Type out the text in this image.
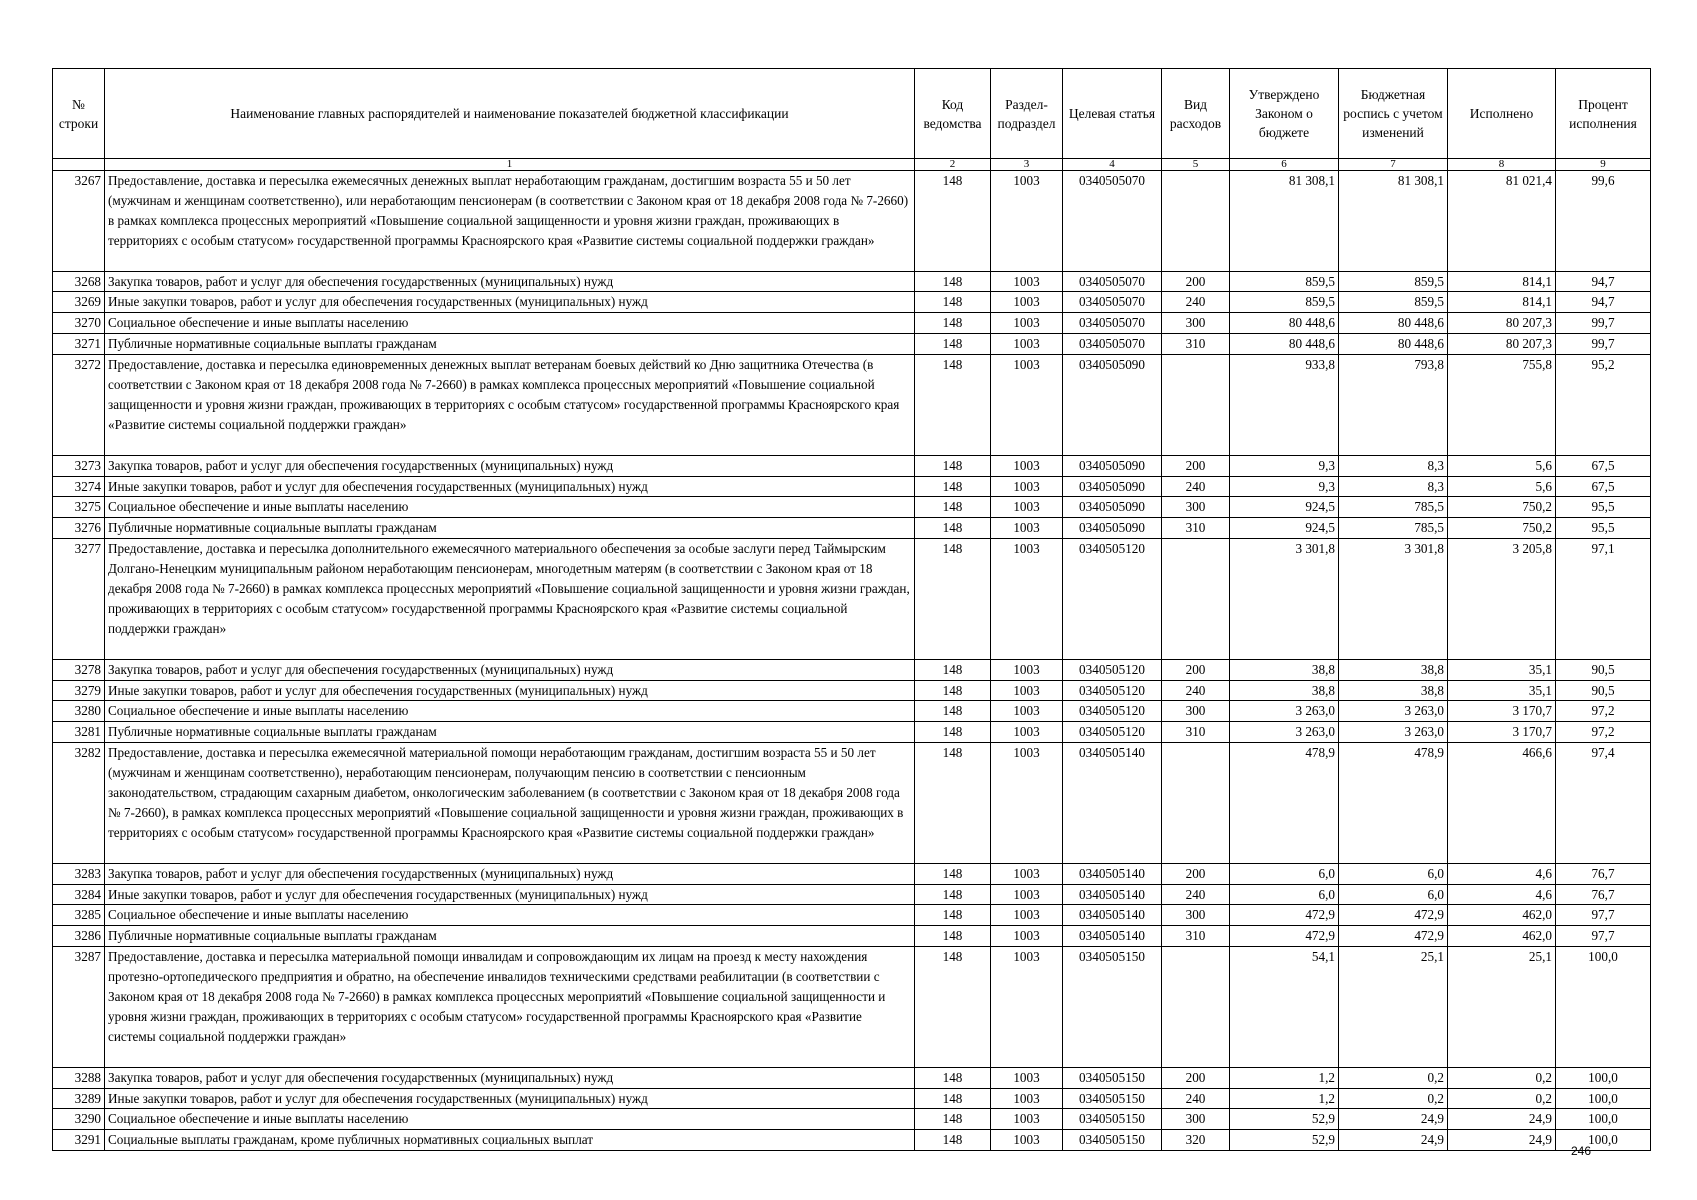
№ строки	Наименование главных распорядителей и наименование показателей бюджетной классификации	Код ведомства	Раздел-подраздел	Целевая статья	Вид расходов	Утверждено Законом о бюджете	Бюджетная роспись с учетом изменений	Исполнено	Процент исполнения
	1	2	3	4	5	6	7	8	9
3267	Предоставление, доставка и пересылка ежемесячных денежных выплат неработающим гражданам, достигшим возраста 55 и 50 лет (мужчинам и женщинам соответственно), или неработающим пенсионерам (в соответствии с Законом края от 18 декабря 2008 года № 7-2660) в рамках комплекса процессных мероприятий «Повышение социальной защищенности и уровня жизни граждан, проживающих в территориях с особым статусом» государственной программы Красноярского края «Развитие системы социальной поддержки граждан»	148	1003	0340505070		81 308,1	81 308,1	81 021,4	99,6
3268	Закупка товаров, работ и услуг для обеспечения государственных (муниципальных) нужд	148	1003	0340505070	200	859,5	859,5	814,1	94,7
3269	Иные закупки товаров, работ и услуг для обеспечения государственных (муниципальных) нужд	148	1003	0340505070	240	859,5	859,5	814,1	94,7
3270	Социальное обеспечение и иные выплаты населению	148	1003	0340505070	300	80 448,6	80 448,6	80 207,3	99,7
3271	Публичные нормативные социальные выплаты гражданам	148	1003	0340505070	310	80 448,6	80 448,6	80 207,3	99,7
3272	Предоставление, доставка и пересылка единовременных денежных выплат ветеранам боевых действий ко Дню защитника Отечества (в соответствии с Законом края от 18 декабря 2008 года № 7-2660) в рамках комплекса процессных мероприятий «Повышение социальной защищенности и уровня жизни граждан, проживающих в территориях с особым статусом» государственной программы Красноярского края «Развитие системы социальной поддержки граждан»	148	1003	0340505090		933,8	793,8	755,8	95,2
3273	Закупка товаров, работ и услуг для обеспечения государственных (муниципальных) нужд	148	1003	0340505090	200	9,3	8,3	5,6	67,5
3274	Иные закупки товаров, работ и услуг для обеспечения государственных (муниципальных) нужд	148	1003	0340505090	240	9,3	8,3	5,6	67,5
3275	Социальное обеспечение и иные выплаты населению	148	1003	0340505090	300	924,5	785,5	750,2	95,5
3276	Публичные нормативные социальные выплаты гражданам	148	1003	0340505090	310	924,5	785,5	750,2	95,5
3277	Предоставление, доставка и пересылка дополнительного ежемесячного материального обеспечения за особые заслуги перед Таймырским Долгано-Ненецким муниципальным районом неработающим пенсионерам, многодетным матерям (в соответствии с Законом края от 18 декабря 2008 года № 7-2660) в рамках комплекса процессных мероприятий «Повышение социальной защищенности и уровня жизни граждан, проживающих в территориях с особым статусом» государственной программы Красноярского края «Развитие системы социальной поддержки граждан»	148	1003	0340505120		3 301,8	3 301,8	3 205,8	97,1
3278	Закупка товаров, работ и услуг для обеспечения государственных (муниципальных) нужд	148	1003	0340505120	200	38,8	38,8	35,1	90,5
3279	Иные закупки товаров, работ и услуг для обеспечения государственных (муниципальных) нужд	148	1003	0340505120	240	38,8	38,8	35,1	90,5
3280	Социальное обеспечение и иные выплаты населению	148	1003	0340505120	300	3 263,0	3 263,0	3 170,7	97,2
3281	Публичные нормативные социальные выплаты гражданам	148	1003	0340505120	310	3 263,0	3 263,0	3 170,7	97,2
3282	Предоставление, доставка и пересылка ежемесячной материальной помощи неработающим гражданам, достигшим возраста 55 и 50 лет (мужчинам и женщинам соответственно), неработающим пенсионерам, получающим пенсию в соответствии с пенсионным законодательством, страдающим сахарным диабетом, онкологическим заболеванием (в соответствии с Законом края от 18 декабря 2008 года № 7-2660), в рамках комплекса процессных мероприятий «Повышение социальной защищенности и уровня жизни граждан, проживающих в территориях с особым статусом» государственной программы Красноярского края «Развитие системы социальной поддержки граждан»	148	1003	0340505140		478,9	478,9	466,6	97,4
3283	Закупка товаров, работ и услуг для обеспечения государственных (муниципальных) нужд	148	1003	0340505140	200	6,0	6,0	4,6	76,7
3284	Иные закупки товаров, работ и услуг для обеспечения государственных (муниципальных) нужд	148	1003	0340505140	240	6,0	6,0	4,6	76,7
3285	Социальное обеспечение и иные выплаты населению	148	1003	0340505140	300	472,9	472,9	462,0	97,7
3286	Публичные нормативные социальные выплаты гражданам	148	1003	0340505140	310	472,9	472,9	462,0	97,7
3287	Предоставление, доставка и пересылка материальной помощи инвалидам и сопровождающим их лицам на проезд к месту нахождения протезно-ортопедического предприятия и обратно, на обеспечение инвалидов техническими средствами реабилитации (в соответствии с Законом края от 18 декабря 2008 года № 7-2660) в рамках комплекса процессных мероприятий «Повышение социальной защищенности и уровня жизни граждан, проживающих в территориях с особым статусом» государственной программы Красноярского края «Развитие системы социальной поддержки граждан»	148	1003	0340505150		54,1	25,1	25,1	100,0
3288	Закупка товаров, работ и услуг для обеспечения государственных (муниципальных) нужд	148	1003	0340505150	200	1,2	0,2	0,2	100,0
3289	Иные закупки товаров, работ и услуг для обеспечения государственных (муниципальных) нужд	148	1003	0340505150	240	1,2	0,2	0,2	100,0
3290	Социальное обеспечение и иные выплаты населению	148	1003	0340505150	300	52,9	24,9	24,9	100,0
3291	Социальные выплаты гражданам, кроме публичных нормативных социальных выплат	148	1003	0340505150	320	52,9	24,9	24,9	100,0
246
